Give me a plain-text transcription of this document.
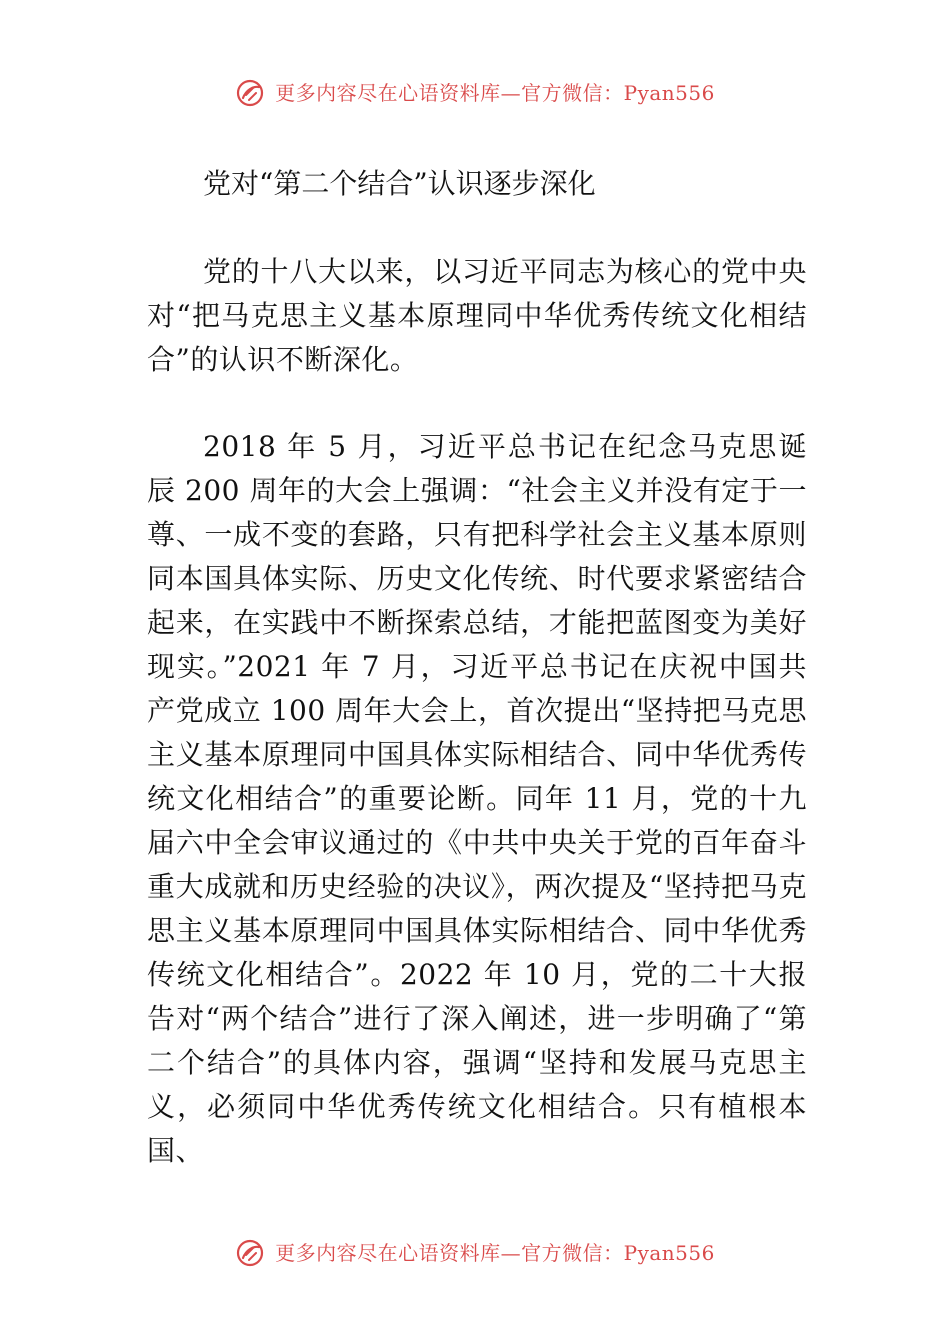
更多内容尽在心语资料库—官方微信：Pyan556
党对“第二个结合”认识逐步深化

党的十八大以来，以习近平同志为核心的党中央对“把马克思主义基本原理同中华优秀传统文化相结合”的认识不断深化。

2018 年 5 月，习近平总书记在纪念马克思诞辰 200 周年的大会上强调：“社会主义并没有定于一尊、一成不变的套路，只有把科学社会主义基本原则同本国具体实际、历史文化传统、时代要求紧密结合起来，在实践中不断探索总结，才能把蓝图变为美好现实。”2021 年 7 月，习近平总书记在庆祝中国共产党成立 100 周年大会上，首次提出“坚持把马克思主义基本原理同中国具体实际相结合、同中华优秀传统文化相结合”的重要论断。同年 11 月，党的十九届六中全会审议通过的《中共中央关于党的百年奋斗重大成就和历史经验的决议》，两次提及“坚持把马克思主义基本原理同中国具体实际相结合、同中华优秀传统文化相结合”。2022 年 10 月，党的二十大报告对“两个结合”进行了深入阐述，进一步明确了“第二个结合”的具体内容，强调“坚持和发展马克思主义，必须同中华优秀传统文化相结合。只有植根本国、

更多内容尽在心语资料库—官方微信：Pyan556
